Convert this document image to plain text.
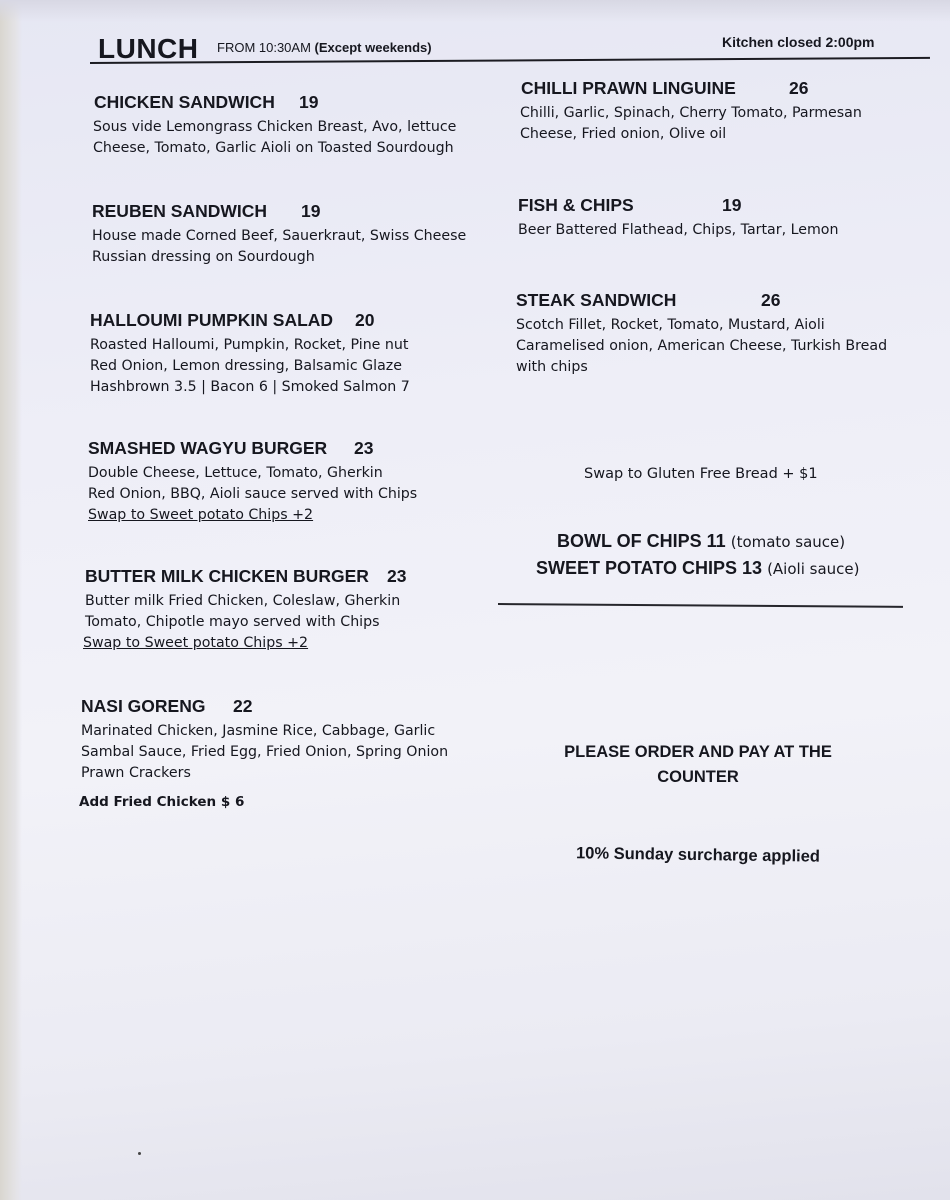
LUNCH FROM 10:30AM (Except weekends)	Kitchen closed 2:00pm
CHICKEN SANDWICH 19
Sous vide Lemongrass Chicken Breast, Avo, lettuce
Cheese, Tomato, Garlic Aioli on Toasted Sourdough
REUBEN SANDWICH 19
House made Corned Beef, Sauerkraut, Swiss Cheese
Russian dressing on Sourdough
HALLOUMI PUMPKIN SALAD 20
Roasted Halloumi, Pumpkin, Rocket, Pine nut
Red Onion, Lemon dressing, Balsamic Glaze
Hashbrown 3.5 | Bacon 6 | Smoked Salmon 7
SMASHED WAGYU BURGER 23
Double Cheese, Lettuce, Tomato, Gherkin
Red Onion, BBQ, Aioli sauce served with Chips
Swap to Sweet potato Chips +2
BUTTER MILK CHICKEN BURGER 23
Butter milk Fried Chicken, Coleslaw, Gherkin
Tomato, Chipotle mayo served with Chips
Swap to Sweet potato Chips +2
NASI GORENG 22
Marinated Chicken, Jasmine Rice, Cabbage, Garlic
Sambal Sauce, Fried Egg, Fried Onion, Spring Onion
Prawn Crackers
Add Fried Chicken $ 6
CHILLI PRAWN LINGUINE	26
Chilli, Garlic, Spinach, Cherry Tomato, Parmesan
Cheese, Fried onion, Olive oil
FISH & CHIPS	19
Beer Battered Flathead, Chips, Tartar, Lemon
STEAK SANDWICH	26
Scotch Fillet, Rocket, Tomato, Mustard, Aioli
Caramelised onion, American Cheese, Turkish Bread
with chips
Swap to Gluten Free Bread + $1
BOWL OF CHIPS 11 (tomato sauce)
SWEET POTATO CHIPS 13 (Aioli sauce)
PLEASE ORDER AND PAY AT THE
COUNTER
10% Sunday surcharge applied
